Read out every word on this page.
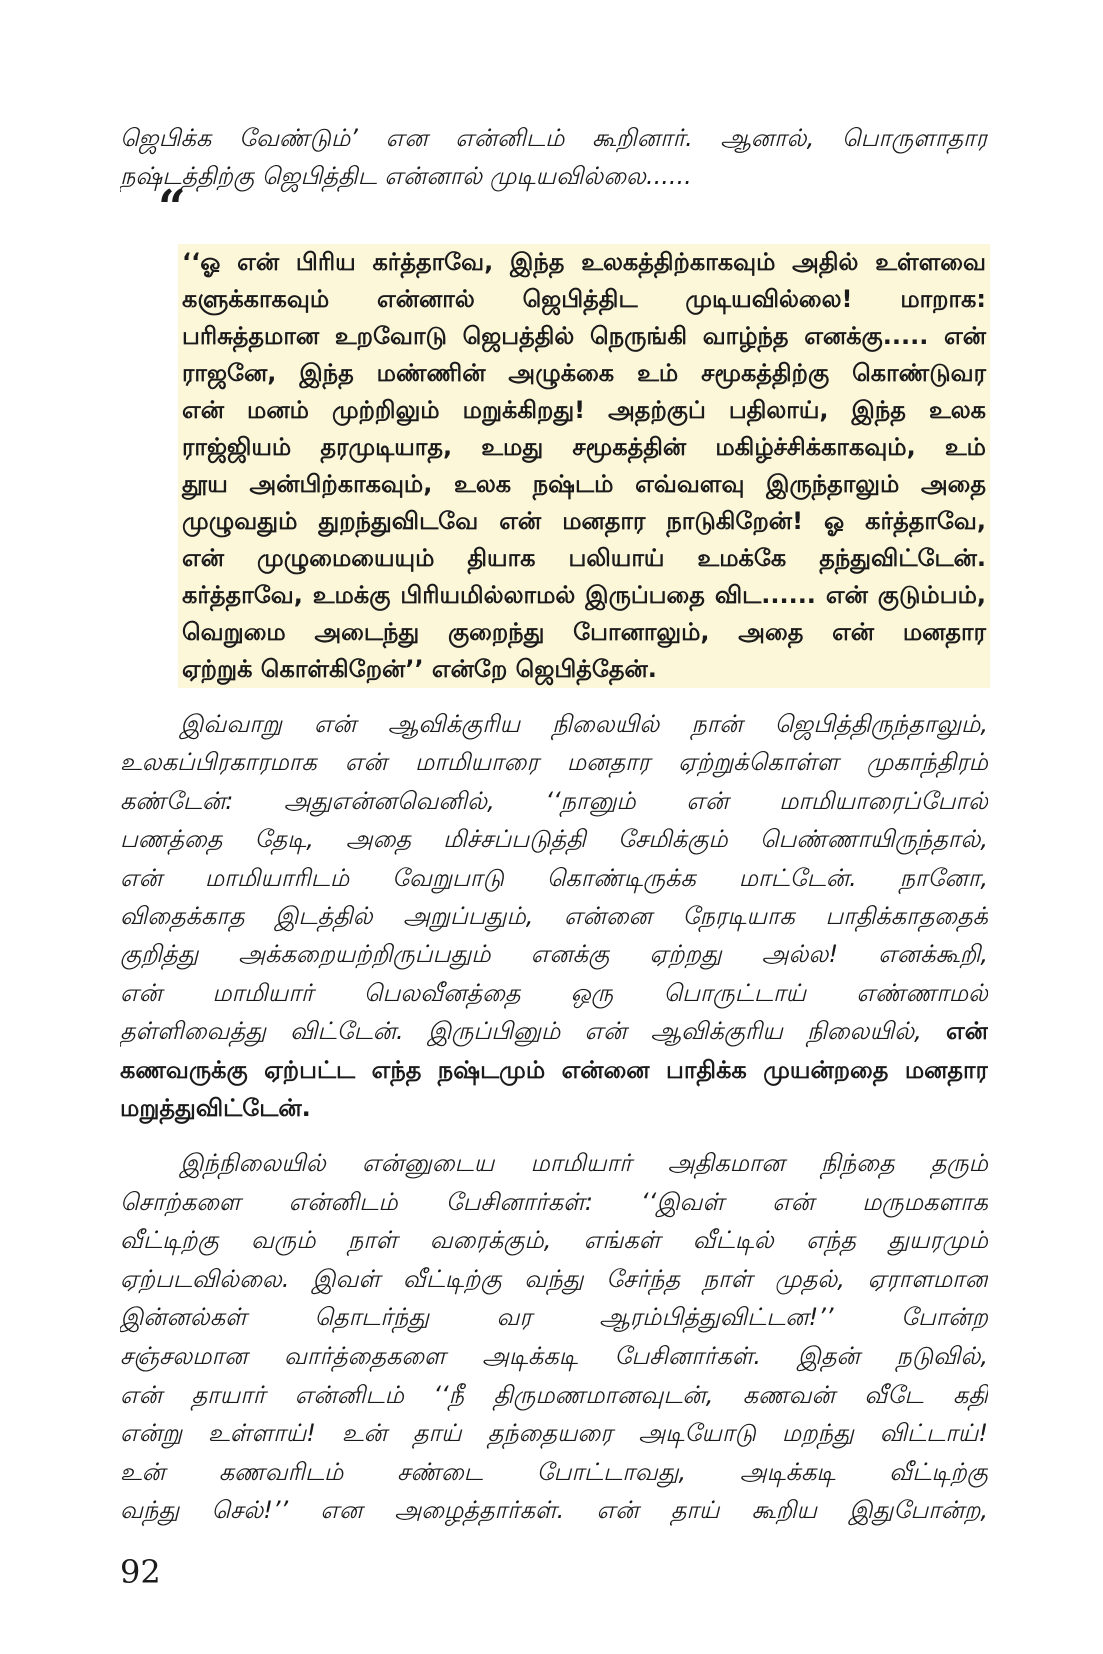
ஜெபிக்க வேண்டும்’ என என்னிடம் கூறினார். ஆனால், பொருளாதார
நஷ்டத்திற்கு ஜெபித்திட என்னால் முடியவில்லை......
“
‘‘ஓ என் பிரிய கர்த்தாவே, இந்த உலகத்திற்காகவும் அதில் உள்ளவை
களுக்காகவும் என்னால் ஜெபித்திட முடியவில்லை! மாறாக:
பரிசுத்தமான உறவோடு ஜெபத்தில் நெருங்கி வாழ்ந்த எனக்கு..... என்
ராஜனே, இந்த மண்ணின் அழுக்கை உம் சமூகத்திற்கு கொண்டுவர
என் மனம் முற்றிலும் மறுக்கிறது! அதற்குப் பதிலாய், இந்த உலக
ராஜ்ஜியம் தரமுடியாத, உமது சமூகத்தின் மகிழ்ச்சிக்காகவும், உம்
தூய அன்பிற்காகவும், உலக நஷ்டம் எவ்வளவு இருந்தாலும் அதை
முழுவதும் துறந்துவிடவே என் மனதார நாடுகிறேன்! ஓ கர்த்தாவே,
என் முழுமையையும் தியாக பலியாய் உமக்கே தந்துவிட்டேன்.
கர்த்தாவே, உமக்கு பிரியமில்லாமல் இருப்பதை விட...... என் குடும்பம்,
வெறுமை அடைந்து குறைந்து போனாலும், அதை என் மனதார
ஏற்றுக் கொள்கிறேன்’’ என்றே ஜெபித்தேன்.
இவ்வாறு என் ஆவிக்குரிய நிலையில் நான் ஜெபித்திருந்தாலும்,
உலகப்பிரகாரமாக என் மாமியாரை மனதார ஏற்றுக்கொள்ள முகாந்திரம்
கண்டேன்: அதுஎன்னவெனில், ‘‘நானும் என் மாமியாரைப்போல்
பணத்தை தேடி, அதை மிச்சப்படுத்தி சேமிக்கும் பெண்ணாயிருந்தால்,
என் மாமியாரிடம் வேறுபாடு கொண்டிருக்க மாட்டேன். நானோ,
விதைக்காத இடத்தில் அறுப்பதும், என்னை நேரடியாக பாதிக்காததைக்
குறித்து அக்கறையற்றிருப்பதும் எனக்கு ஏற்றது அல்ல! எனக்கூறி,
என் மாமியார் பெலவீனத்தை ஒரு பொருட்டாய் எண்ணாமல்
தள்ளிவைத்து விட்டேன். இருப்பினும் என் ஆவிக்குரிய நிலையில், என்
கணவருக்கு ஏற்பட்ட எந்த நஷ்டமும் என்னை பாதிக்க முயன்றதை மனதார
மறுத்துவிட்டேன்.
இந்நிலையில் என்னுடைய மாமியார் அதிகமான நிந்தை தரும்
சொற்களை என்னிடம் பேசினார்கள்: ‘‘இவள் என் மருமகளாக
வீட்டிற்கு வரும் நாள் வரைக்கும், எங்கள் வீட்டில் எந்த துயரமும்
ஏற்படவில்லை. இவள் வீட்டிற்கு வந்து சேர்ந்த நாள் முதல், ஏராளமான
இன்னல்கள் தொடர்ந்து வர ஆரம்பித்துவிட்டன!’’ போன்ற
சஞ்சலமான வார்த்தைகளை அடிக்கடி பேசினார்கள். இதன் நடுவில்,
என் தாயார் என்னிடம் ‘‘நீ திருமணமானவுடன், கணவன் வீடே கதி
என்று உள்ளாய்! உன் தாய் தந்தையரை அடியோடு மறந்து விட்டாய்!
உன் கணவரிடம் சண்டை போட்டாவது, அடிக்கடி வீட்டிற்கு
வந்து செல்!’’ என அழைத்தார்கள். என் தாய் கூறிய இதுபோன்ற,
92
